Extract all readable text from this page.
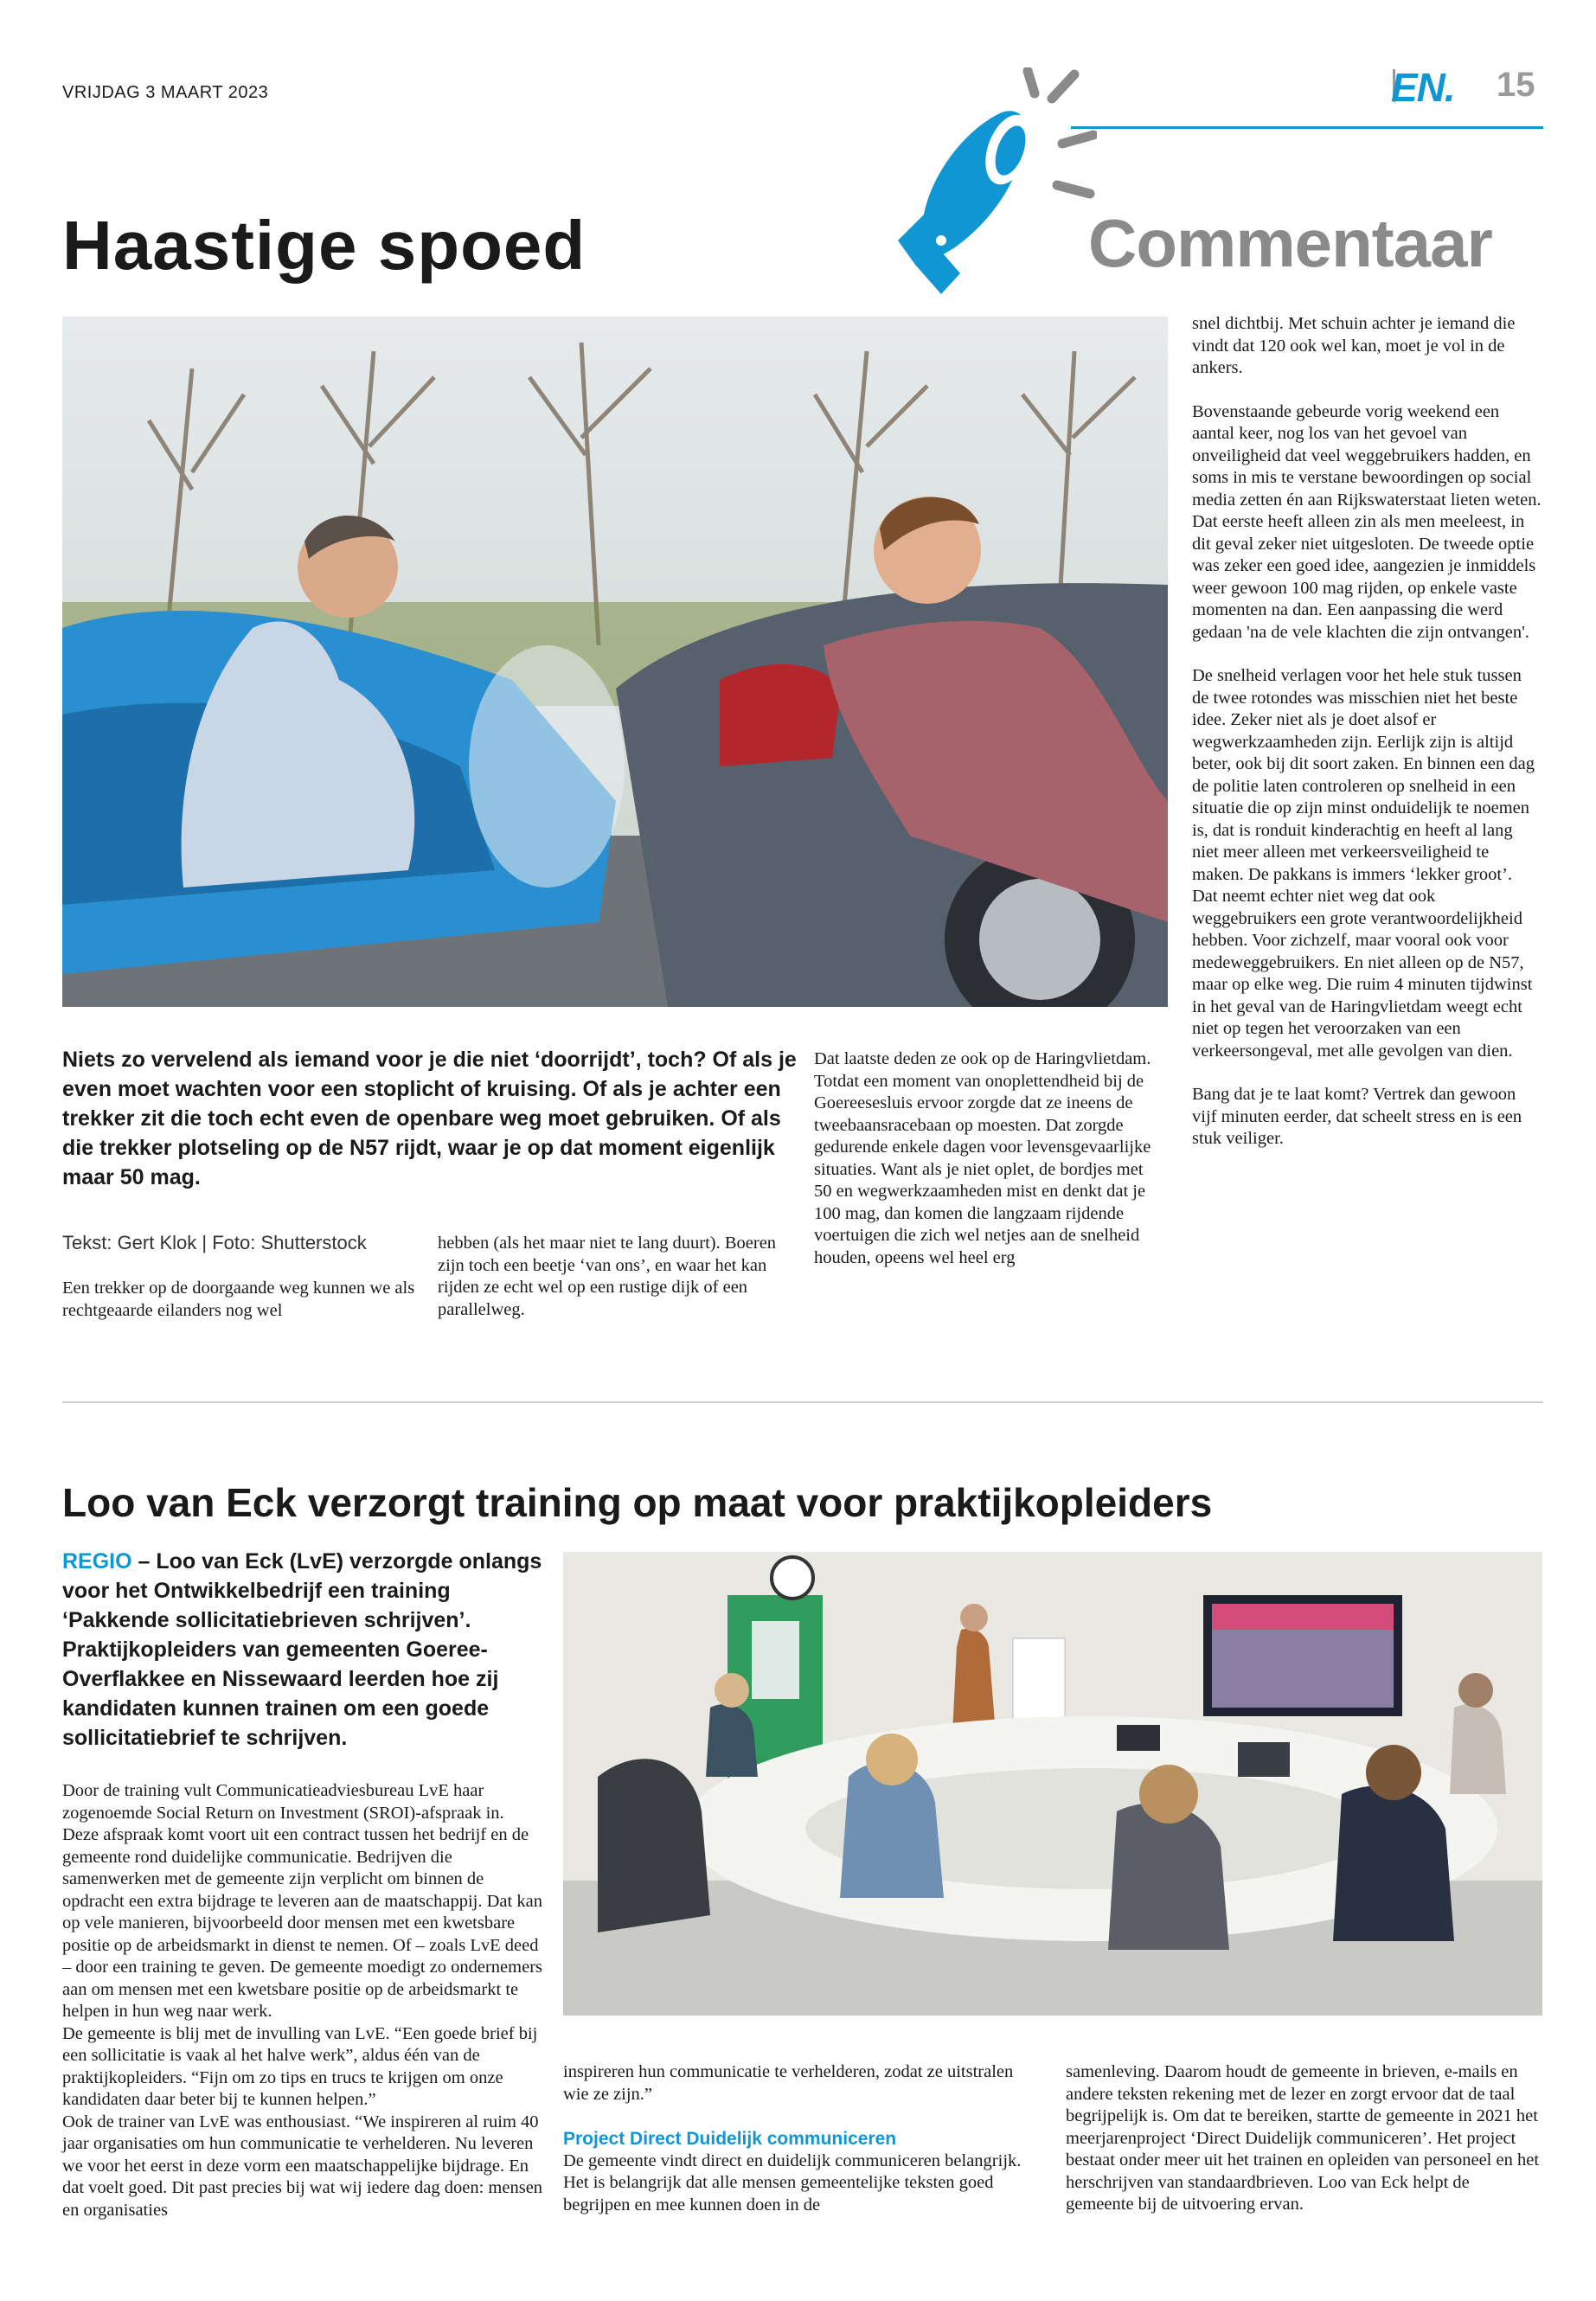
VRIJDAG 3 MAART 2023	EN. 15
Commentaar
Haastige spoed
Niets zo vervelend als iemand voor je die niet ‘doorrijdt’, toch? Of als je even moet wachten voor een stoplicht of kruising. Of als je achter een trekker zit die toch echt even de openbare weg moet gebruiken. Of als die trekker plotseling op de N57 rijdt, waar je op dat moment eigenlijk maar 50 mag.
Tekst: Gert Klok | Foto: Shutterstock
Een trekker op de doorgaande weg kunnen we als rechtgeaarde eilanders nog wel
hebben (als het maar niet te lang duurt). Boeren zijn toch een beetje ‘van ons’, en waar het kan rijden ze echt wel op een rustige dijk of een parallelweg.
Dat laatste deden ze ook op de Haringvlietdam. Totdat een moment van onoplettendheid bij de Goereesesluis ervoor zorgde dat ze ineens de tweebaansracebaan op moesten. Dat zorgde gedurende enkele dagen voor levensgevaarlijke situaties. Want als je niet oplet, de bordjes met 50 en wegwerkzaamheden mist en denkt dat je 100 mag, dan komen die langzaam rijdende voertuigen die zich wel netjes aan de snelheid houden, opeens wel heel erg

snel dichtbij. Met schuin achter je iemand die vindt dat 120 ook wel kan, moet je vol in de ankers.

Bovenstaande gebeurde vorig weekend een aantal keer, nog los van het gevoel van onveiligheid dat veel weggebruikers hadden, en soms in mis te verstane bewoordingen op social media zetten én aan Rijkswaterstaat lieten weten. Dat eerste heeft alleen zin als men meeleest, in dit geval zeker niet uitgesloten. De tweede optie was zeker een goed idee, aangezien je inmiddels weer gewoon 100 mag rijden, op enkele vaste momenten na dan. Een aanpassing die werd gedaan 'na de vele klachten die zijn ontvangen'.

De snelheid verlagen voor het hele stuk tussen de twee rotondes was misschien niet het beste idee. Zeker niet als je doet alsof er wegwerkzaamheden zijn. Eerlijk zijn is altijd beter, ook bij dit soort zaken. En binnen een dag de politie laten controleren op snelheid in een situatie die op zijn minst onduidelijk te noemen is, dat is ronduit kinderachtig en heeft al lang niet meer alleen met verkeersveiligheid te maken. De pakkans is immers ‘lekker groot’. Dat neemt echter niet weg dat ook weggebruikers een grote verantwoordelijkheid hebben. Voor zichzelf, maar vooral ook voor medeweggebruikers. En niet alleen op de N57, maar op elke weg. Die ruim 4 minuten tijdwinst in het geval van de Haringvlietdam weegt echt niet op tegen het veroorzaken van een verkeersongeval, met alle gevolgen van dien.

Bang dat je te laat komt? Vertrek dan gewoon vijf minuten eerder, dat scheelt stress en is een stuk veiliger.

Loo van Eck verzorgt training op maat voor praktijkopleiders
REGIO – Loo van Eck (LvE) verzorgde onlangs voor het Ontwikkelbedrijf een training ‘Pakkende sollicitatiebrieven schrijven’. Praktijkopleiders van gemeenten Goeree-Overflakkee en Nissewaard leerden hoe zij kandidaten kunnen trainen om een goede sollicitatiebrief te schrijven.
Door de training vult Communicatieadviesbureau LvE haar zogenoemde Social Return on Investment (SROI)-afspraak in. Deze afspraak komt voort uit een contract tussen het bedrijf en de gemeente rond duidelijke communicatie. Bedrijven die samenwerken met de gemeente zijn verplicht om binnen de opdracht een extra bijdrage te leveren aan de maatschappij. Dat kan op vele manieren, bijvoorbeeld door mensen met een kwetsbare positie op de arbeidsmarkt in dienst te nemen. Of – zoals LvE deed – door een training te geven. De gemeente moedigt zo ondernemers aan om mensen met een kwetsbare positie op de arbeidsmarkt te helpen in hun weg naar werk.
De gemeente is blij met de invulling van LvE. “Een goede brief bij een sollicitatie is vaak al het halve werk”, aldus één van de praktijkopleiders. “Fijn om zo tips en trucs te krijgen om onze kandidaten daar beter bij te kunnen helpen.”
Ook de trainer van LvE was enthousiast. “We inspireren al ruim 40 jaar organisaties om hun communicatie te verhelderen. Nu leveren we voor het eerst in deze vorm een maatschappelijke bijdrage. En dat voelt goed. Dit past precies bij wat wij iedere dag doen: mensen en organisaties
inspireren hun communicatie te verhelderen, zodat ze uitstralen wie ze zijn.”
Project Direct Duidelijk communiceren
De gemeente vindt direct en duidelijk communiceren belangrijk. Het is belangrijk dat alle mensen gemeentelijke teksten goed begrijpen en mee kunnen doen in de
samenleving. Daarom houdt de gemeente in brieven, e-mails en andere teksten rekening met de lezer en zorgt ervoor dat de taal begrijpelijk is. Om dat te bereiken, startte de gemeente in 2021 het meerjarenproject ‘Direct Duidelijk communiceren’. Het project bestaat onder meer uit het trainen en opleiden van personeel en het herschrijven van standaardbrieven. Loo van Eck helpt de gemeente bij de uitvoering ervan.
